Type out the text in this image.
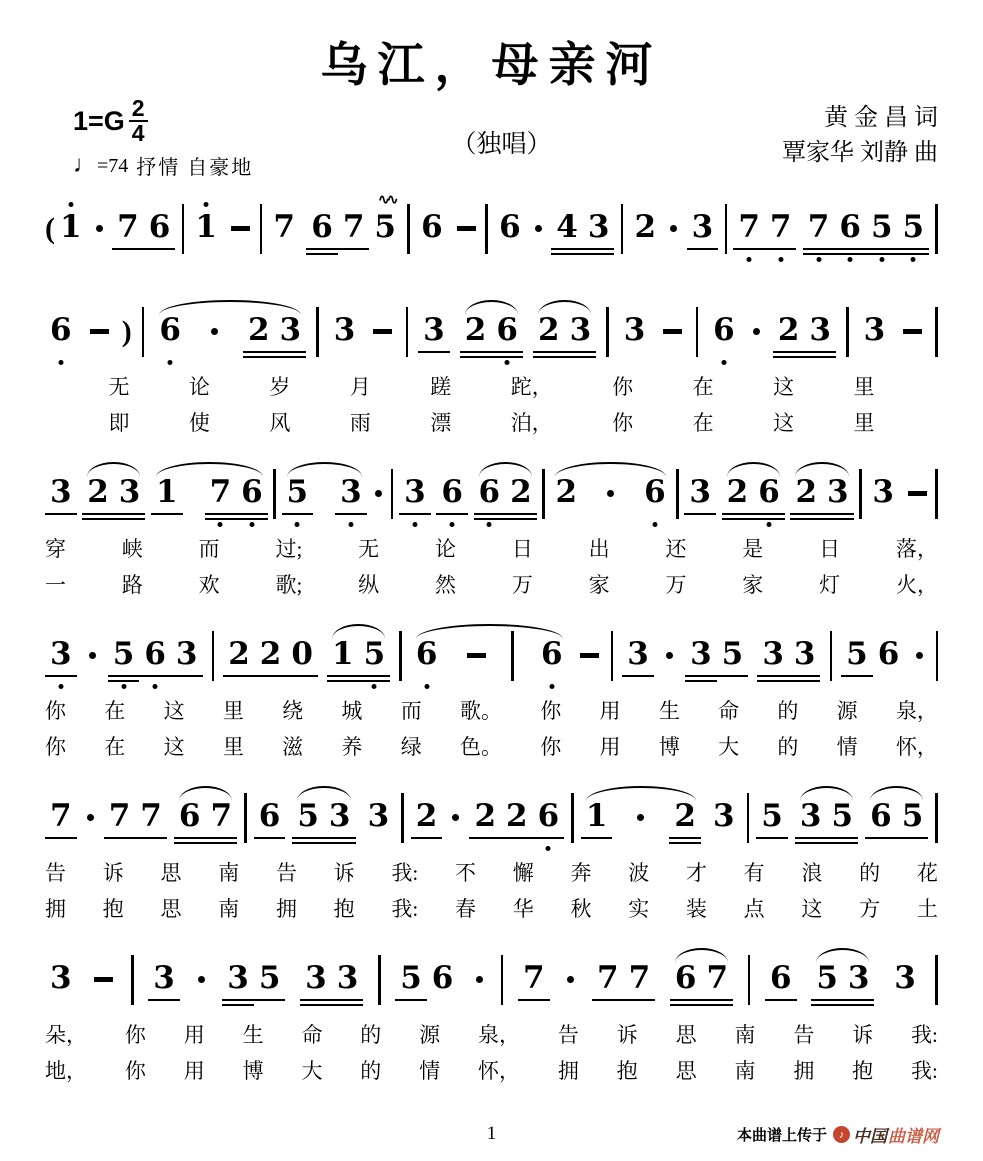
乌江，母亲河
$1=G \frac{2}{4}$
♩=74 抒情 自豪地
（独唱）
黄 金 昌 词
覃家华 刘静 曲
( 1 7 6 1 7 6 7 5
∿∿
6 6 4 3 2 3 7 7 7 6 5 5
6 ) 6 2 3 3 3 2 6 2 3 3 6 2 3 3
无	论	岁	月	蹉	跎，	你	在	这	里
即	使	风	雨	漂	泊，	你	在	这	里
3 2 3 1 7 6 5 3 3 6 6 2 2 6 3 2 6 2 3 3
穿	峡	而	过;	无	论	日	出	还	是	日	落，
一	路	欢	歌;	纵	然	万	家	万	家	灯	火，
3 5 6 3 2 2 0 1 5 6	6 3 3 5 3 3 5 6
你 在 这 里 绕 城 而 歌。 你 用 生 命 的 源 泉，
你 在 这 里 滋 养 绿 色。 你 用 博 大 的 情 怀，
7 7 7 6 7 6 5 3 3 2 2 2 6 1 2 3 5 3 5 6 5
告 诉 思 南 告 诉 我: 不 懈 奔 波 才 有 浪 的 花
拥 抱 思 南 拥 抱 我: 春 华 秋 实 装 点 这 方 土
3	3 3 5 3 3 5 6 7 7 7 6 7 6 5 3 3
朵， 你 用 生 命 的 源 泉， 告 诉 思 南 告 诉 我:
地， 你 用 博 大 的 情 怀， 拥 抱 思 南 拥 抱 我:
1	本曲谱上传于	♪ 中国 曲谱网
